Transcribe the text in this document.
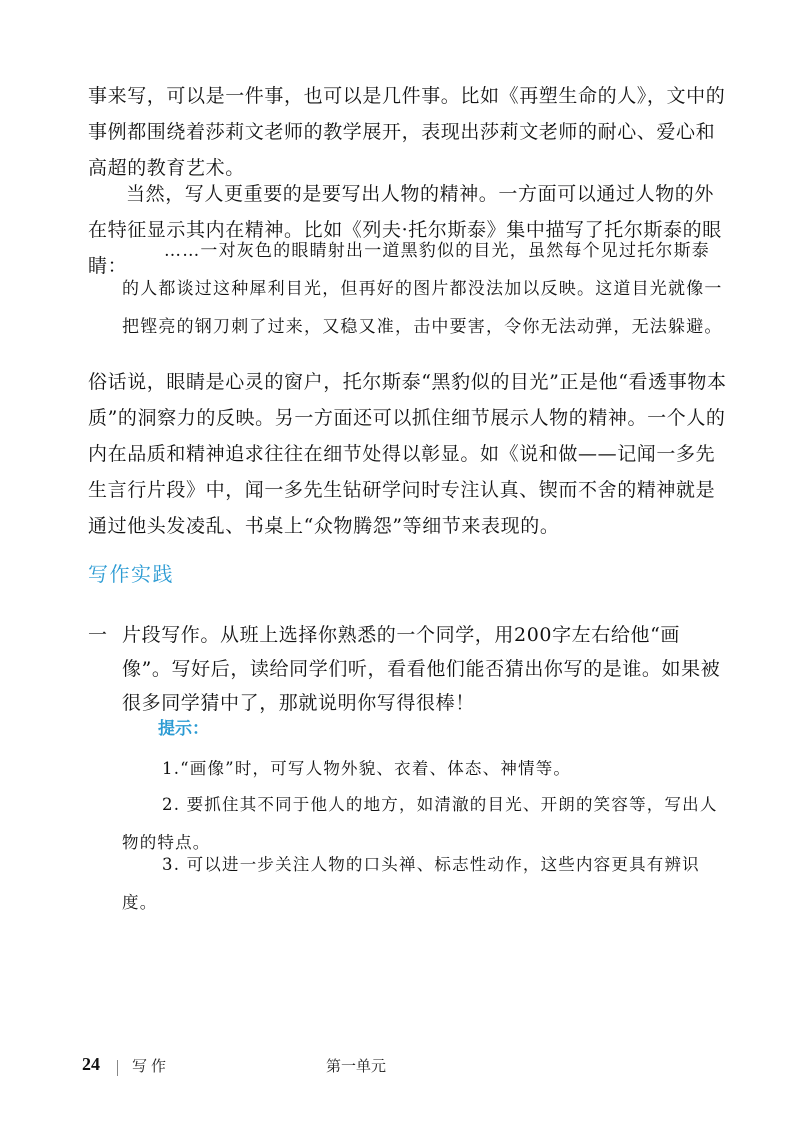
事来写，可以是一件事，也可以是几件事。比如《再塑生命的人》，文中的事例都围绕着莎莉文老师的教学展开，表现出莎莉文老师的耐心、爱心和高超的教育艺术。

当然，写人更重要的是要写出人物的精神。一方面可以通过人物的外在特征显示其内在精神。比如《列夫·托尔斯泰》集中描写了托尔斯泰的眼睛：

……一对灰色的眼睛射出一道黑豹似的目光，虽然每个见过托尔斯泰的人都谈过这种犀利目光，但再好的图片都没法加以反映。这道目光就像一把铿亮的钢刀刺了过来，又稳又准，击中要害，令你无法动弹，无法躲避。

俗话说，眼睛是心灵的窗户，托尔斯泰“黑豹似的目光”正是他“看透事物本质”的洞察力的反映。另一方面还可以抓住细节展示人物的精神。一个人的内在品质和精神追求往往在细节处得以彰显。如《说和做——记闻一多先生言行片段》中，闻一多先生钻研学问时专注认真、锲而不舍的精神就是通过他头发凌乱、书桌上“众物腾怨”等细节来表现的。

写作实践
一 片段写作。从班上选择你熟悉的一个同学，用200字左右给他“画像”。写好后，读给同学们听，看看他们能否猜出你写的是谁。如果被很多同学猜中了，那就说明你写得很棒！

提示：

1.“画像”时，可写人物外貌、衣着、体态、神情等。

2. 要抓住其不同于他人的地方，如清澈的目光、开朗的笑容等，写出人物的特点。

3. 可以进一步关注人物的口头禅、标志性动作，这些内容更具有辨识度。

24 写作	第一单元
